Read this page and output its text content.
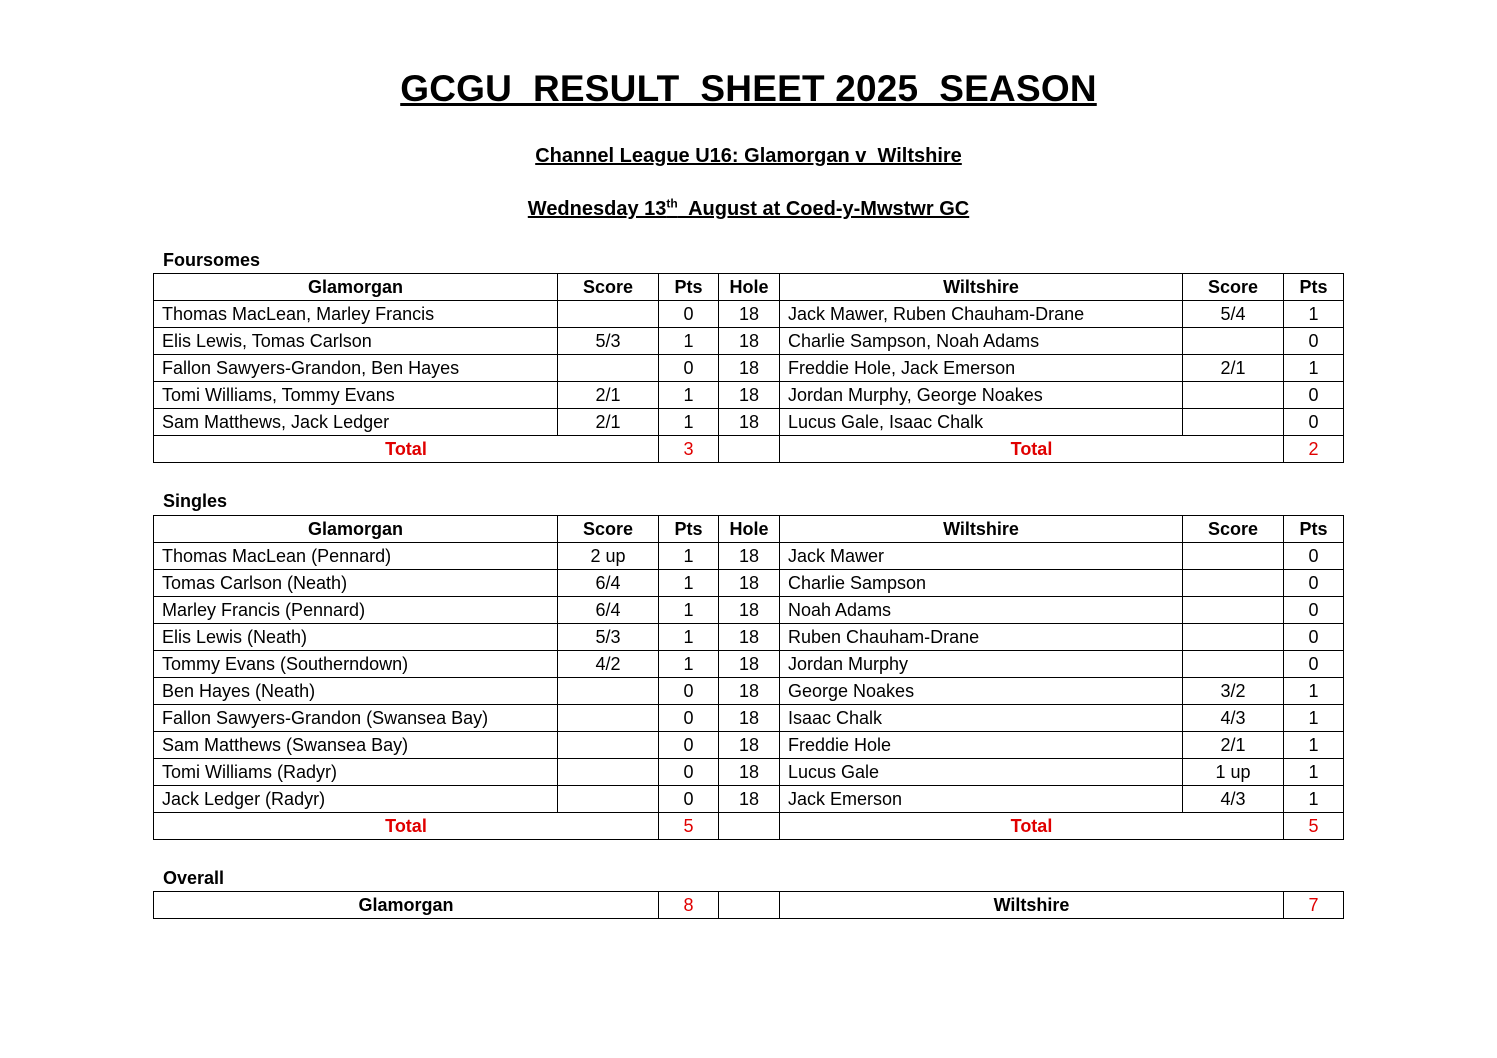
GCGU  RESULT  SHEET 2025  SEASON
Channel League U16: Glamorgan v  Wiltshire
Wednesday 13th  August at Coed-y-Mwstwr GC
Foursomes
Glamorgan	Score	Pts	Hole	Wiltshire	Score	Pts
Thomas MacLean, Marley Francis		0	18	Jack Mawer, Ruben Chauham-Drane	5/4	1
Elis Lewis, Tomas Carlson	5/3	1	18	Charlie Sampson, Noah Adams		0
Fallon Sawyers-Grandon, Ben Hayes		0	18	Freddie Hole, Jack Emerson	2/1	1
Tomi Williams, Tommy Evans	2/1	1	18	Jordan Murphy, George Noakes		0
Sam Matthews, Jack Ledger	2/1	1	18	Lucus Gale, Isaac Chalk		0
Total		3		Total		2
Singles
Glamorgan	Score	Pts	Hole	Wiltshire	Score	Pts
Thomas MacLean (Pennard)	2 up	1	18	Jack Mawer		0
Tomas Carlson (Neath)	6/4	1	18	Charlie Sampson		0
Marley Francis (Pennard)	6/4	1	18	Noah Adams		0
Elis Lewis (Neath)	5/3	1	18	Ruben Chauham-Drane		0
Tommy Evans (Southerndown)	4/2	1	18	Jordan Murphy		0
Ben Hayes (Neath)		0	18	George Noakes	3/2	1
Fallon Sawyers-Grandon (Swansea Bay)		0	18	Isaac Chalk	4/3	1
Sam Matthews (Swansea Bay)		0	18	Freddie Hole	2/1	1
Tomi Williams (Radyr)		0	18	Lucus Gale	1 up	1
Jack Ledger (Radyr)		0	18	Jack Emerson	4/3	1
Total		5		Total		5
Overall
Glamorgan	8		Wiltshire	7
